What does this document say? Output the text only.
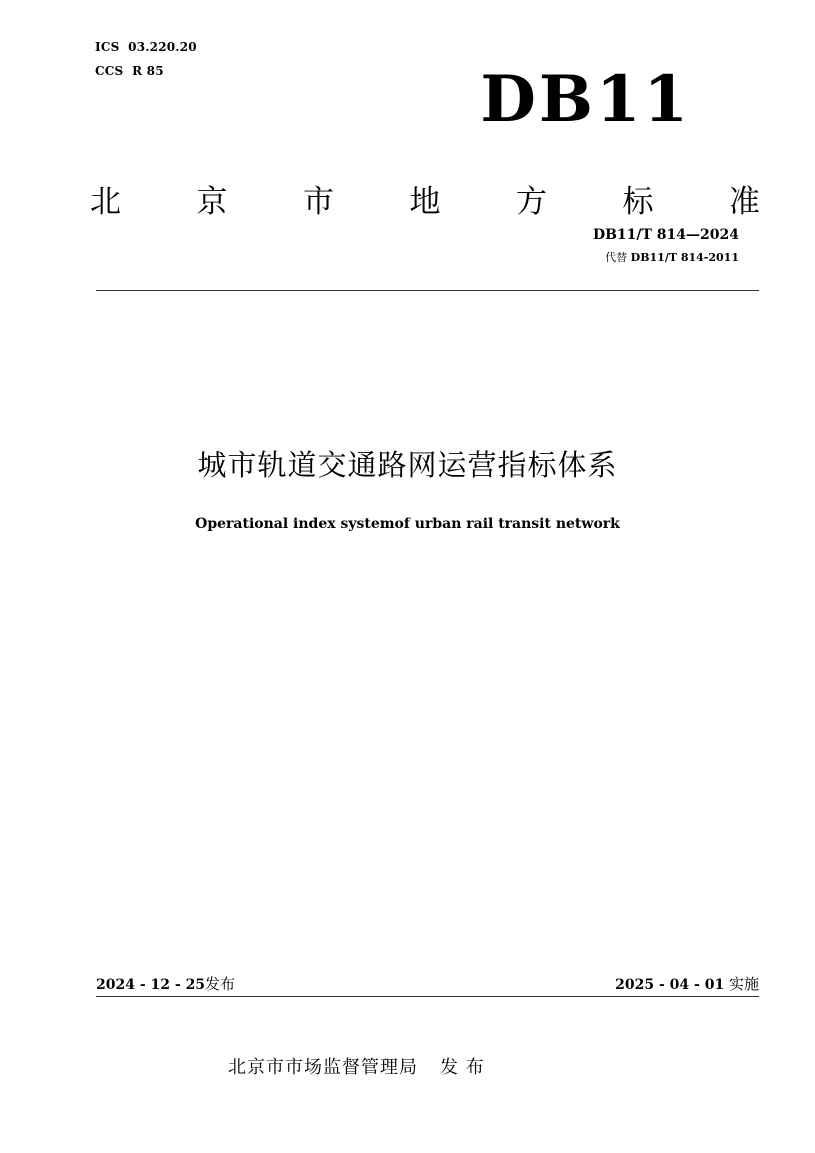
ICS  03.220.20
CCS  R 85	DB11
北 京 市 地 方 标 准
DB11/T 814—2024
代替 DB11/T 814-2011
城市轨道交通路网运营指标体系
Operational index systemof urban rail transit network
2024 - 12 - 25发布	2025 - 04 - 01 实施
北京市市场监督管理局 发 布
